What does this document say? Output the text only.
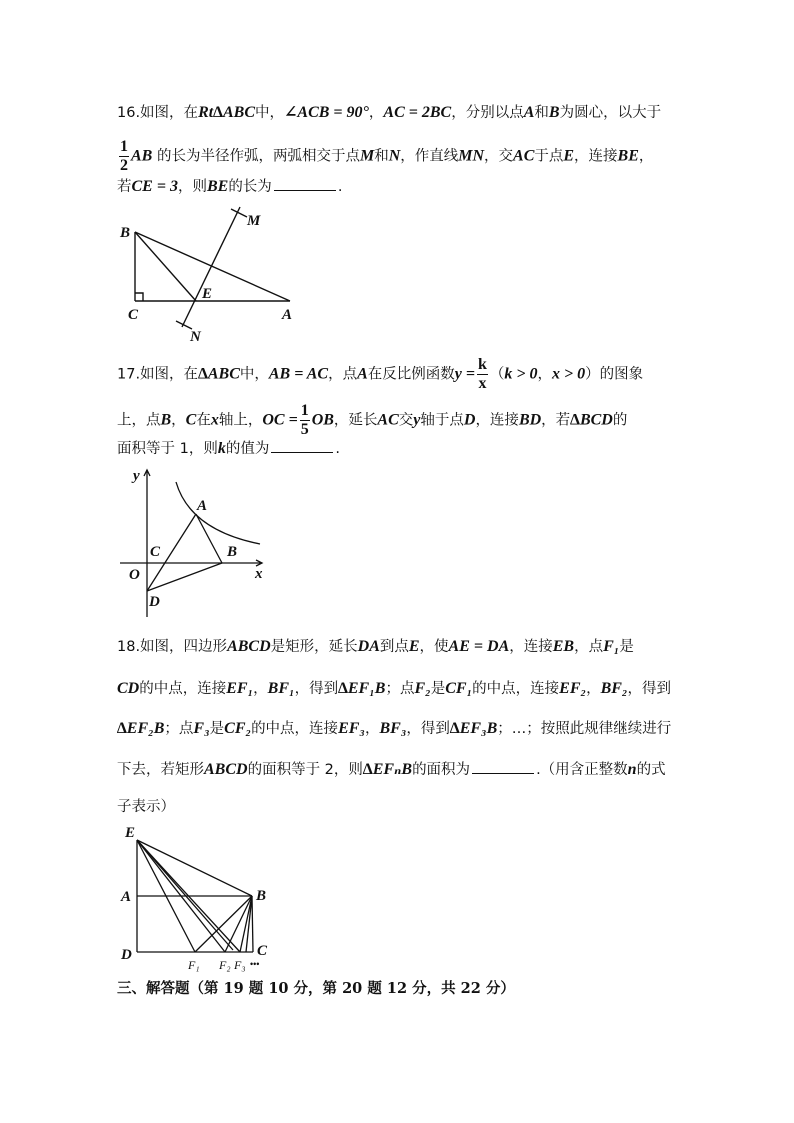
16.如图，在Rt∆ABC中，∠ACB = 90°，AC = 2BC，分别以点A和B为圆心，以大于
$\frac{1}{2}$ AB 的长为半径作弧，两弧相交于点M和N，作直线MN，交AC于点E，连接BE，
若CE = 3，则BE的长为	.
B
C
E
A
M
N
17.如图，在∆ABC中，AB = AC，点A在反比例函数$y = \frac{k}{x} (k > 0$，x > 0）的图象
上，点B，C在x轴上，OC = $\frac{1}{5}$ OB，延长AC交y轴于点D，连接BD，若∆BCD的
面积等于 1，则k的值为	.
y
x
O
A
B
C
D
18.如图，四边形ABCD是矩形，延长DA到点E，使AE = DA，连接EB，点F₁是
CD的中点，连接EF₁，BF₁，得到∆EF₁B；点F₂是CF₁的中点，连接EF₂，BF₂，得到
∆EF₂B；点F₃是CF₂的中点，连接EF₃，BF₃，得到∆EF₃B；…；按照此规律继续进行
下去，若矩形ABCD的面积等于 2，则∆EFₙB的面积为	.（用含正整数n的式
子表示）
E
A	B
D	C
F₁ F₂ F₃ •••
三、解答题（第 19 题 10 分，第 20 题 12 分，共 22 分）
